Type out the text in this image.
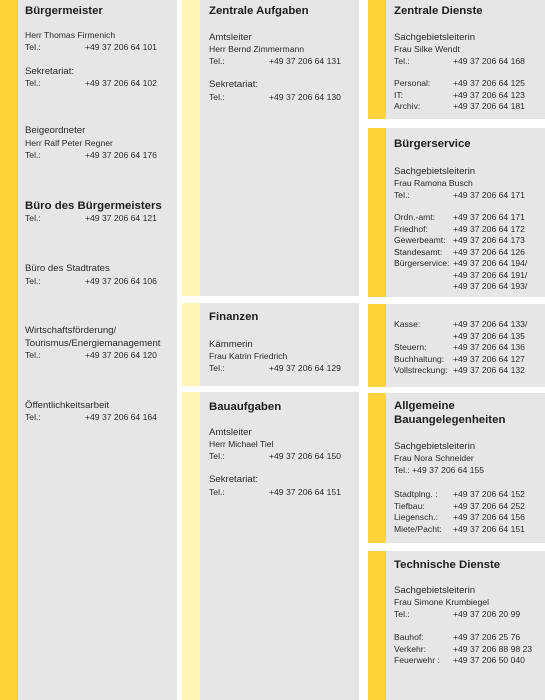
Bürgermeister
Herr Thomas Firmenich
Tel.:	+49 37 206 64 101
Sekretariat:
Tel.:	+49 37 206 64 102
Beigeordneter
Herr Ralf Peter Regner
Tel.:	+49 37 206 64 176
Büro des Bürgermeisters
Tel.:	+49 37 206 64 121
Büro des Stadtrates
Tel.:	+49 37 206 64 106
Wirtschaftsförderung/
Tourismus/Energiemanagement
Tel.:	+49 37 206 64 120
Öffentlichkeitsarbeit
Tel.:	+49 37 206 64 164
Zentrale Aufgaben
Amtsleiter
Herr Bernd Zimmermann
Tel.:	+49 37 206 64 131
Sekretariat:
Tel.:	+49 37 206 64 130
Finanzen
Kämmerin
Frau Katrin Friedrich
Tel.:	+49 37 206 64 129
Bauaufgaben
Amtsleiter
Herr Michael Tiel
Tel.:	+49 37 206 64 150
Sekretariat:
Tel.:	+49 37 206 64 151
Zentrale Dienste
Sachgebietsleiterin
Frau Silke Wendt
Tel.:	+49 37 206 64 168
Personal:	+49 37 206 64 125
IT:	+49 37 206 64 123
Archiv:	+49 37 206 64 181
Bürgerservice
Sachgebietsleiterin
Frau Ramona Busch
Tel.:	+49 37 206 64 171
Ordn.-amt: +49 37 206 64 171
Friedhof:	+49 37 206 64 172
Gewerbeamt: +49 37 206 64 173
Standesamt: +49 37 206 64 126
Bürgerservice: +49 37 206 64 194/
+49 37 206 64 191/
+49 37 206 64 193/
Kasse:	+49 37 206 64 133/
+49 37 206 64 135
Steuern:	+49 37 206 64 136
Buchhaltung: +49 37 206 64 127
Vollstreckung: +49 37 206 64 132
Allgemeine
Bauangelegenheiten
Sachgebietsleiterin
Frau Nora Schneider
Tel.: +49 37 206 64 155
Stadtplng. : +49 37 206 64 152
Tiefbau:	+49 37 206 64 252
Liegensch.: +49 37 206 64 156
Miete/Pacht: +49 37 206 64 151
Technische Dienste
Sachgebietsleiterin
Frau Simone Krumbiegel
Tel.:	+49 37 206 20 99
Bauhof:	+49 37 206 25 76
Verkehr:	+49 37 206 88 98 23
Feuerwehr : +49 37 206 50 040
